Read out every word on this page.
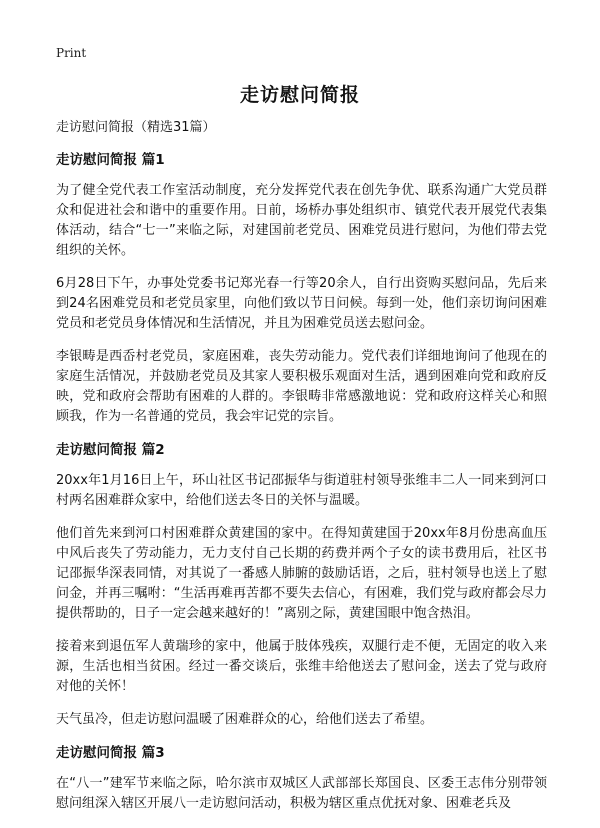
Print
走访慰问简报

走访慰问简报（精选31篇）

走访慰问简报 篇1

为了健全党代表工作室活动制度，充分发挥党代表在创先争优、联系沟通广大党员群众和促进社会和谐中的重要作用。日前，场桥办事处组织市、镇党代表开展党代表集体活动，结合“七一”来临之际，对建国前老党员、困难党员进行慰问，为他们带去党组织的关怀。

6月28日下午，办事处党委书记郑光春一行等20余人，自行出资购买慰问品，先后来到24名困难党员和老党员家里，向他们致以节日问候。每到一处，他们亲切询问困难党员和老党员身体情况和生活情况，并且为困难党员送去慰问金。

李银畴是西岙村老党员，家庭困难，丧失劳动能力。党代表们详细地询问了他现在的家庭生活情况，并鼓励老党员及其家人要积极乐观面对生活，遇到困难向党和政府反映，党和政府会帮助有困难的人群的。李银畴非常感激地说：党和政府这样关心和照顾我，作为一名普通的党员，我会牢记党的宗旨。

走访慰问简报 篇2

20xx年1月16日上午，环山社区书记邵振华与街道驻村领导张维丰二人一同来到河口村两名困难群众家中，给他们送去冬日的关怀与温暖。

他们首先来到河口村困难群众黄建国的家中。在得知黄建国于20xx年8月份患高血压中风后丧失了劳动能力，无力支付自己长期的药费并两个子女的读书费用后，社区书记邵振华深表同情，对其说了一番感人肺腑的鼓励话语，之后，驻村领导也送上了慰问金，并再三嘱咐：“生活再难再苦都不要失去信心，有困难，我们党与政府都会尽力提供帮助的，日子一定会越来越好的！”离别之际，黄建国眼中饱含热泪。

接着来到退伍军人黄瑞珍的家中，他属于肢体残疾，双腿行走不便，无固定的收入来源，生活也相当贫困。经过一番交谈后，张维丰给他送去了慰问金，送去了党与政府对他的关怀！

天气虽冷，但走访慰问温暖了困难群众的心，给他们送去了希望。

走访慰问简报 篇3

在“八一”建军节来临之际，哈尔滨市双城区人武部部长郑国良、区委王志伟分别带领慰问组深入辖区开展八一走访慰问活动，积极为辖区重点优抚对象、困难老兵及
